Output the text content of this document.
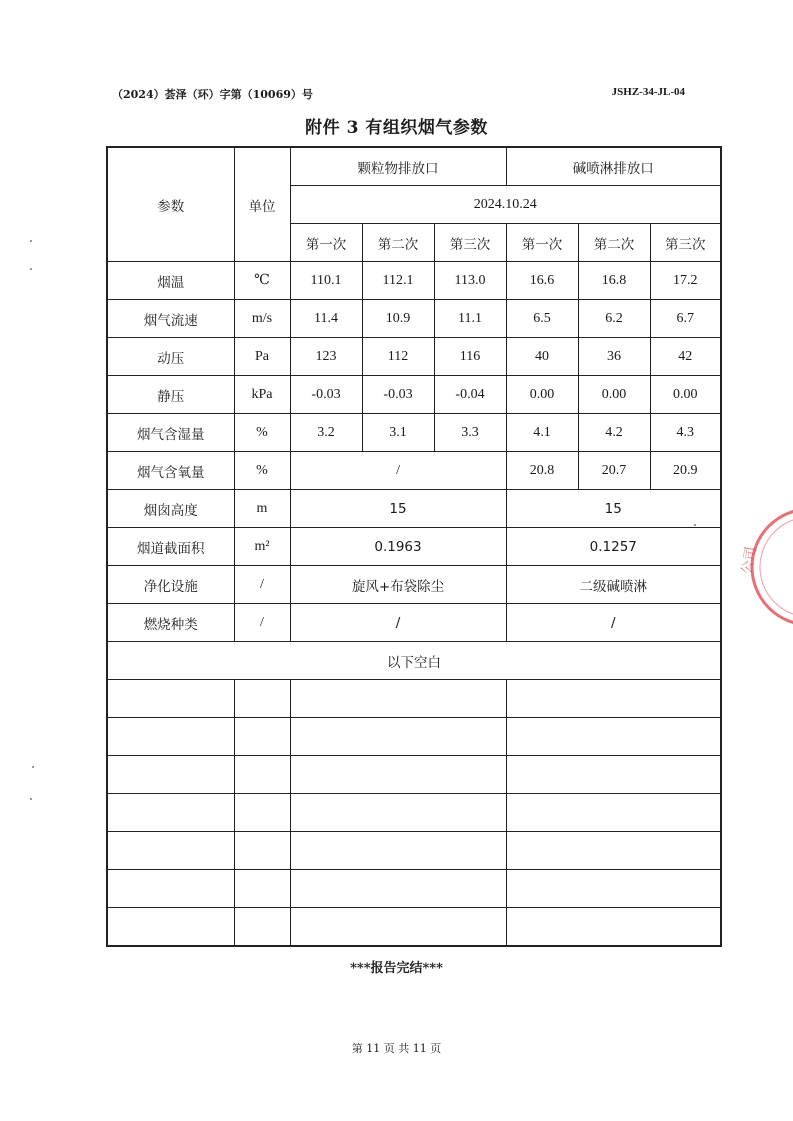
（2024）荟泽（环）字第（10069）号	JSHZ-34-JL-04
附件 3 有组织烟气参数
参数	单位	颗粒物排放口			碱喷淋排放口		
		2024.10.24					
		第一次	第二次	第三次	第一次	第二次	第三次
烟温	℃	110.1	112.1	113.0	16.6	16.8	17.2
烟气流速	m/s	11.4	10.9	11.1	6.5	6.2	6.7
动压	Pa	123	112	116	40	36	42
静压	kPa	-0.03	-0.03	-0.04	0.00	0.00	0.00
烟气含湿量	%	3.2	3.1	3.3	4.1	4.2	4.3
烟气含氧量	%	/			20.8	20.7	20.9
烟囱高度	m	15			15		
烟道截面积	m²	0.1963			0.1257		
净化设施	/	旋风+布袋除尘			二级碱喷淋		
燃烧种类	/	/			/		
以下空白							

***报告完结***
第 11 页 共 11 页
公司
